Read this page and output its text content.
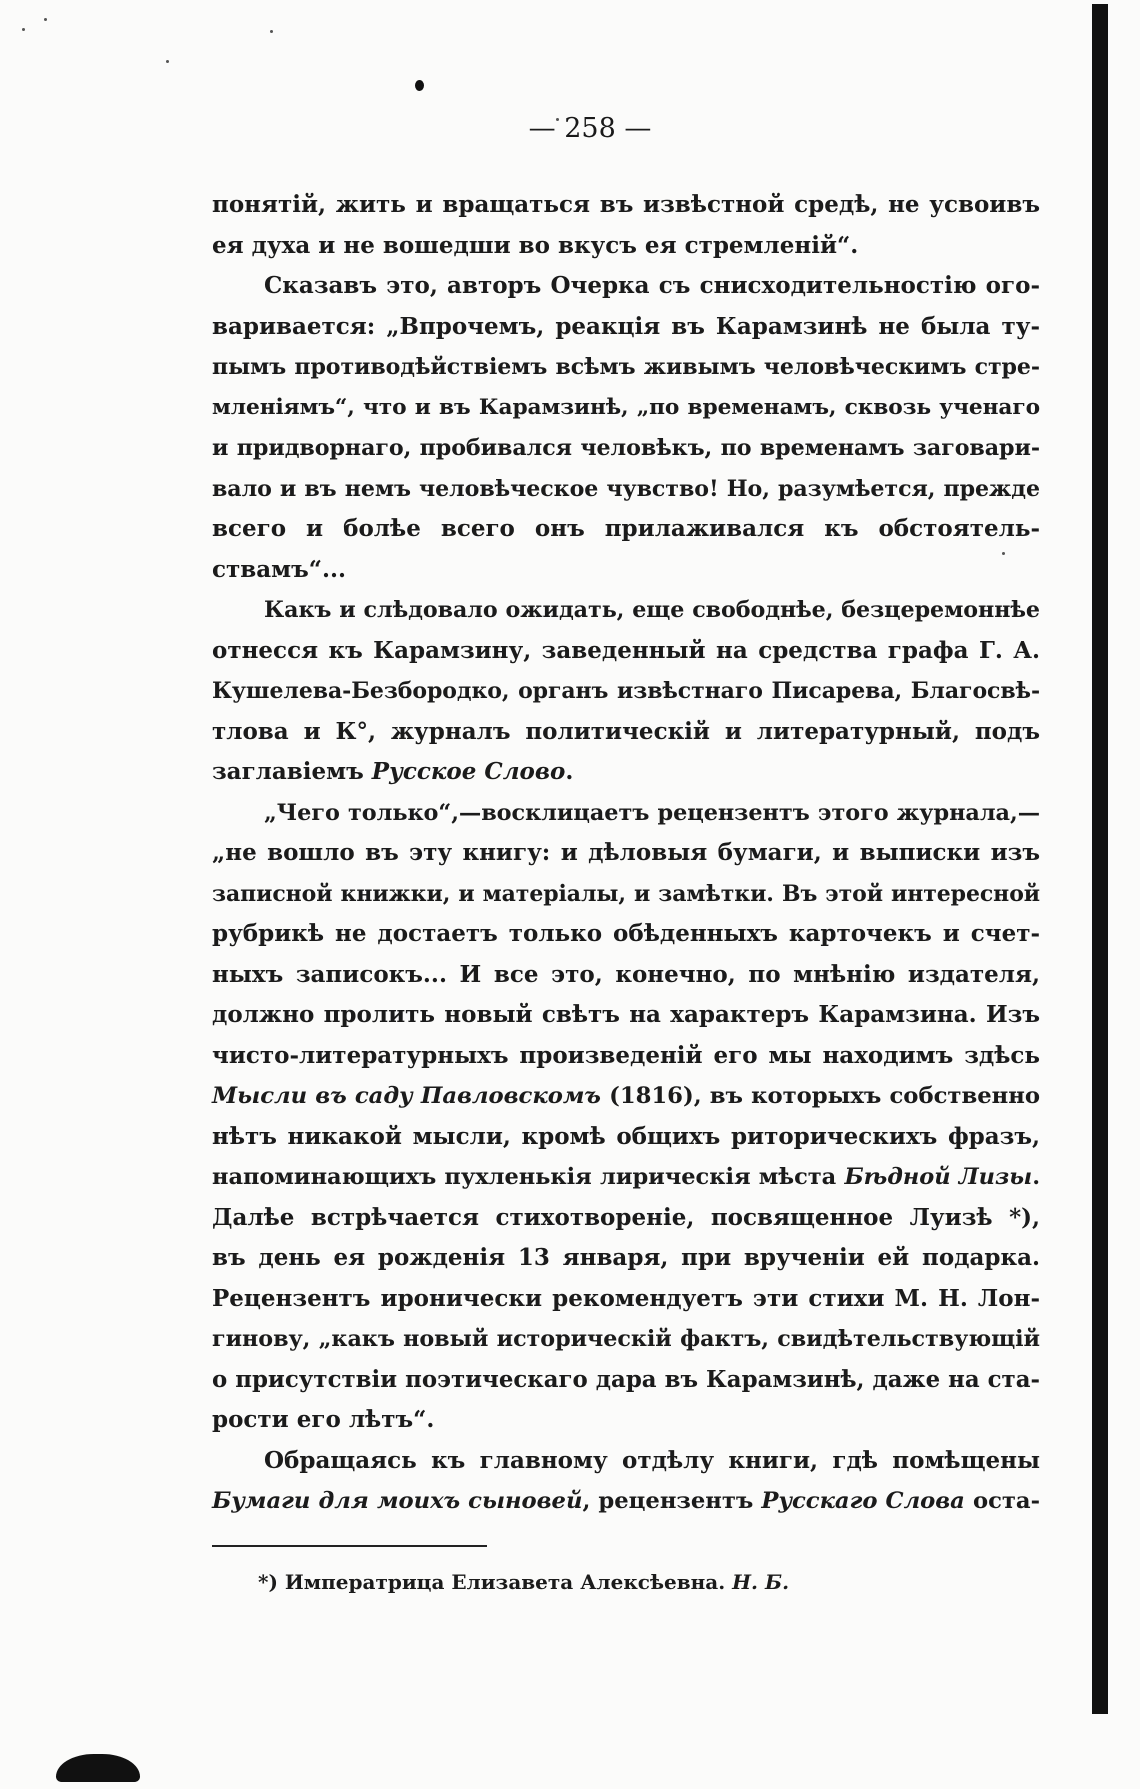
— 258 —
понятій, жить и вращаться въ извѣстной средѣ, не усвоивъ
ея духа и не вошедши во вкусъ ея стремленій“.
Сказавъ это, авторъ Очерка съ снисходительностію ого-
варивается: „Впрочемъ, реакція въ Карамзинѣ не была ту-
пымъ противодѣйствіемъ всѣмъ живымъ человѣческимъ стре-
мленіямъ“, что и въ Карамзинѣ, „по временамъ, сквозь ученаго
и придворнаго, пробивался человѣкъ, по временамъ заговари-
вало и въ немъ человѣческое чувство! Но, разумѣется, прежде
всего и болѣе всего онъ прилаживался къ обстоятель-
ствамъ“...
Какъ и слѣдовало ожидать, еще свободнѣе, безцеремоннѣе
отнесся къ Карамзину, заведенный на средства графа Г. А.
Кушелева-Безбородко, органъ извѣстнаго Писарева, Благосвѣ-
тлова и К°, журналъ политическій и литературный, подъ
заглавіемъ Русское Слово.
„Чего только“,—восклицаетъ рецензентъ этого журнала,—
„не вошло въ эту книгу: и дѣловыя бумаги, и выписки изъ
записной книжки, и матеріалы, и замѣтки. Въ этой интересной
рубрикѣ не достаетъ только обѣденныхъ карточекъ и счет-
ныхъ записокъ... И все это, конечно, по мнѣнію издателя,
должно пролить новый свѣтъ на характеръ Карамзина. Изъ
чисто-литературныхъ произведеній его мы находимъ здѣсь
Мысли въ саду Павловскомъ (1816), въ которыхъ собственно
нѣтъ никакой мысли, кромѣ общихъ риторическихъ фразъ,
напоминающихъ пухленькія лирическія мѣста Бѣдной Лизы.
Далѣе встрѣчается стихотвореніе, посвященное Луизѣ *),
въ день ея рожденія 13 января, при врученіи ей подарка.
Рецензентъ иронически рекомендуетъ эти стихи М. Н. Лон-
гинову, „какъ новый историческій фактъ, свидѣтельствующій
о присутствіи поэтическаго дара въ Карамзинѣ, даже на ста-
рости его лѣтъ“.
Обращаясь къ главному отдѣлу книги, гдѣ помѣщены
Бумаги для моихъ сыновей, рецензентъ Русскаго Слова оста-
*) Императрица Елизавета Алексѣевна. Н. Б.
